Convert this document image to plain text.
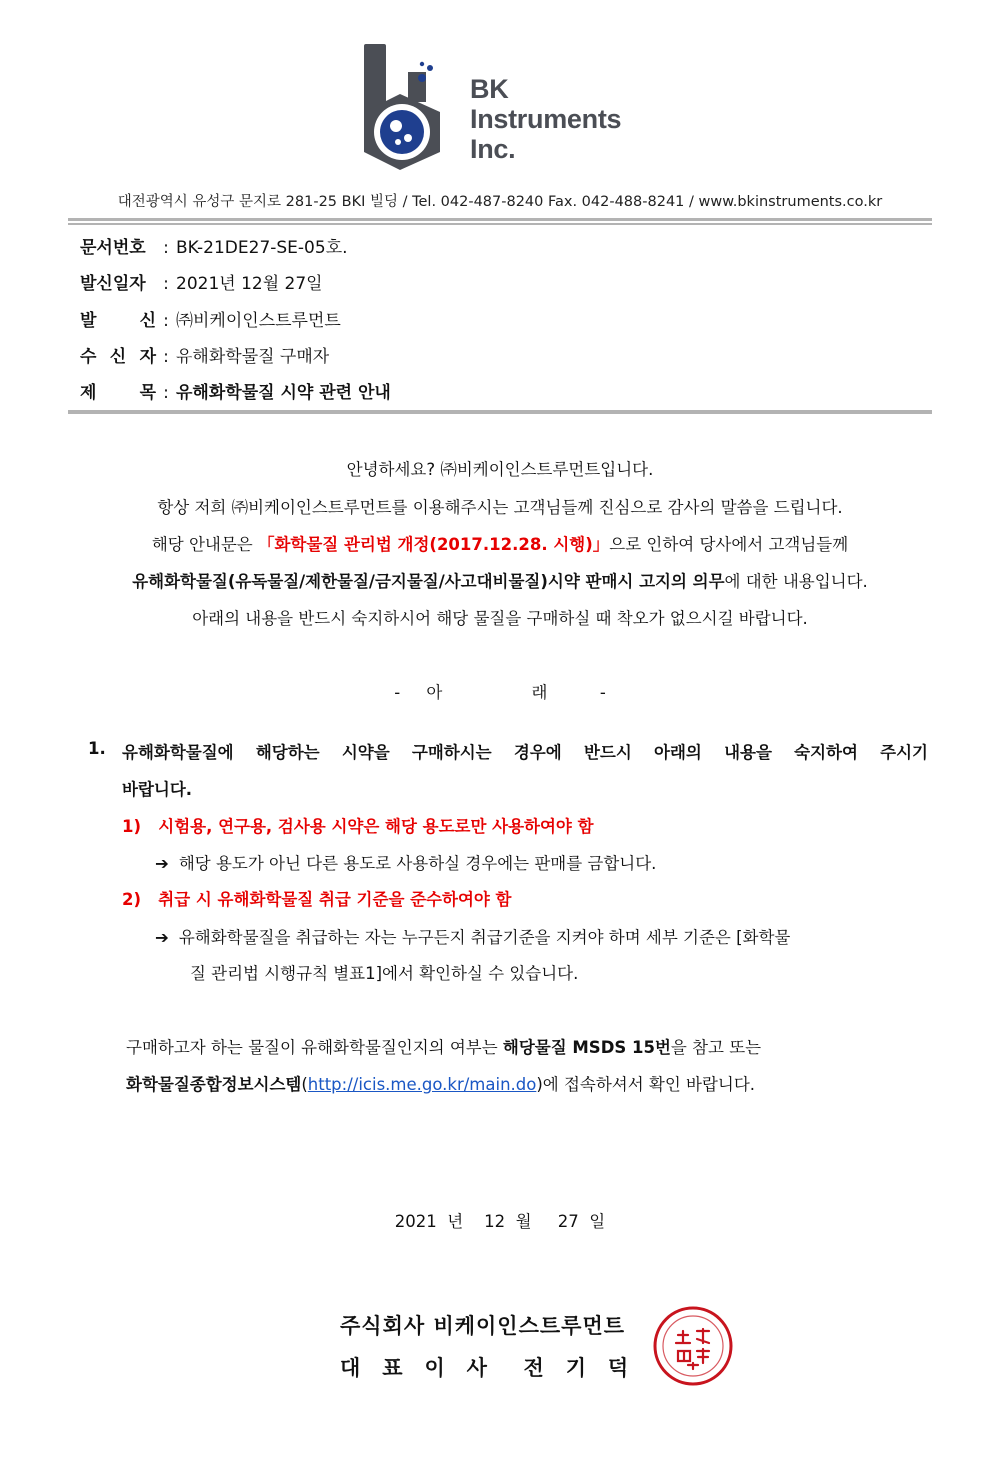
BK
Instruments
Inc.
대전광역시 유성구 문지로 281-25 BKI 빌딩 / Tel. 042-487-8240 Fax. 042-488-8241 / www.bkinstruments.co.kr
문서번호 : BK-21DE27-SE-05호.
발신일자 : 2021년 12월 27일
발 신 : ㈜비케이인스트루먼트
수 신 자 : 유해화학물질 구매자
제 목 : 유해화학물질 시약 관련 안내
안녕하세요? ㈜비케이인스트루먼트입니다.
항상 저희 ㈜비케이인스트루먼트를 이용해주시는 고객님들께 진심으로 감사의 말씀을 드립니다.
해당 안내문은 「화학물질 관리법 개정(2017.12.28. 시행)」으로 인하여 당사에서 고객님들께
유해화학물질(유독물질/제한물질/금지물질/사고대비물질)시약 판매시 고지의 의무에 대한 내용입니다.
아래의 내용을 반드시 숙지하시어 해당 물질을 구매하실 때 착오가 없으시길 바랍니다.
-     아                 래          -
1. 유해화학물질에 해당하는 시약을 구매하시는 경우에 반드시 아래의 내용을 숙지하여 주시기
바랍니다.
1)   시험용, 연구용, 검사용 시약은 해당 용도로만 사용하여야 함
➔ 해당 용도가 아닌 다른 용도로 사용하실 경우에는 판매를 금합니다.
2)   취급 시 유해화학물질 취급 기준을 준수하여야 함
➔ 유해화학물질을 취급하는 자는 누구든지 취급기준을 지켜야 하며 세부 기준은 [화학물
질 관리법 시행규칙 별표1]에서 확인하실 수 있습니다.
구매하고자 하는 물질이 유해화학물질인지의 여부는 해당물질 MSDS 15번을 참고 또는
화학물질종합정보시스템(http://icis.me.go.kr/main.do)에 접속하셔서 확인 바랍니다.
2021  년    12  월     27  일
주식회사 비케이인스트루먼트
대   표   이   사     전   기   덕
